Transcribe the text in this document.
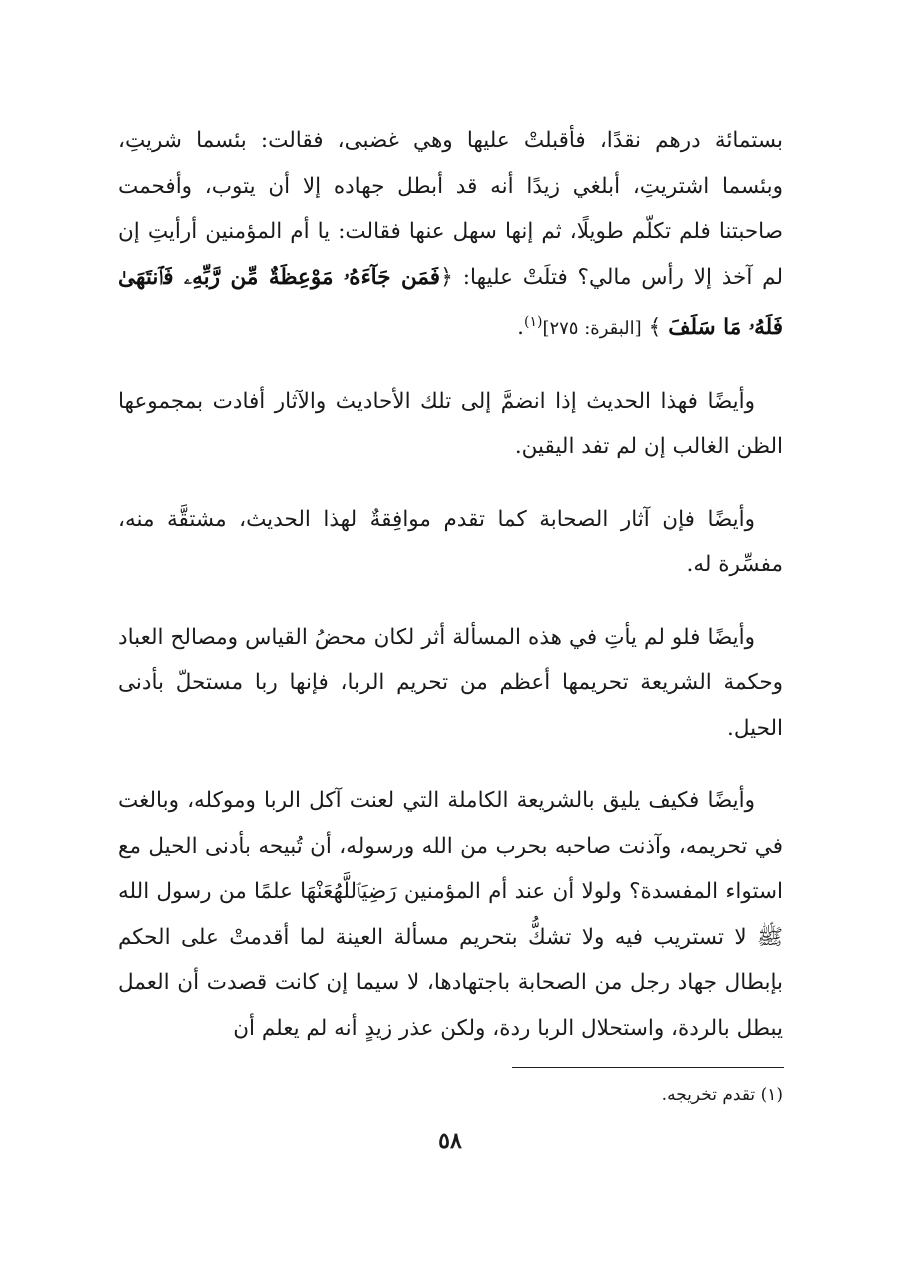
بستمائة درهم نقدًا، فأقبلتْ عليها وهي غضبى، فقالت: بئسما شريتِ، وبئسما اشتريتِ، أبلغي زيدًا أنه قد أبطل جهاده إلا أن يتوب، وأفحمت صاحبتنا فلم تكلّم طويلًا، ثم إنها سهل عنها فقالت: يا أم المؤمنين أرأيتِ إن لم آخذ إلا رأس مالي؟ فتلَتْ عليها: ﴿فَمَن جَآءَهُۥ مَوْعِظَةٌ مِّن رَّبِّهِۦ فَٱنتَهَىٰ فَلَهُۥ مَا سَلَفَ ﴾ [البقرة: ٢٧٥]$^{(١)}$.

وأيضًا فهذا الحديث إذا انضمَّ إلى تلك الأحاديث والآثار أفادت بمجموعها الظن الغالب إن لم تفد اليقين.

وأيضًا فإن آثار الصحابة كما تقدم موافِقةٌ لهذا الحديث، مشتقَّة منه، مفسِّرة له.

وأيضًا فلو لم يأتِ في هذه المسألة أثر لكان محضُ القياس ومصالح العباد وحكمة الشريعة تحريمها أعظم من تحريم الربا، فإنها ربا مستحلّ بأدنى الحيل.

وأيضًا فكيف يليق بالشريعة الكاملة التي لعنت آكل الربا وموكله، وبالغت في تحريمه، وآذنت صاحبه بحرب من الله ورسوله، أن تُبيحه بأدنى الحيل مع استواء المفسدة؟ ولولا أن عند أم المؤمنين رَضِيَٱللَّهُعَنْهَا علمًا من رسول الله ﷺ لا تستريب فيه ولا تشكُّ بتحريم مسألة العينة لما أقدمتْ على الحكم بإبطال جهاد رجل من الصحابة باجتهادها، لا سيما إن كانت قصدت أن العمل يبطل بالردة، واستحلال الربا ردة، ولكن عذر زيدٍ أنه لم يعلم أن

(١) تقدم تخريجه.
٥٨
